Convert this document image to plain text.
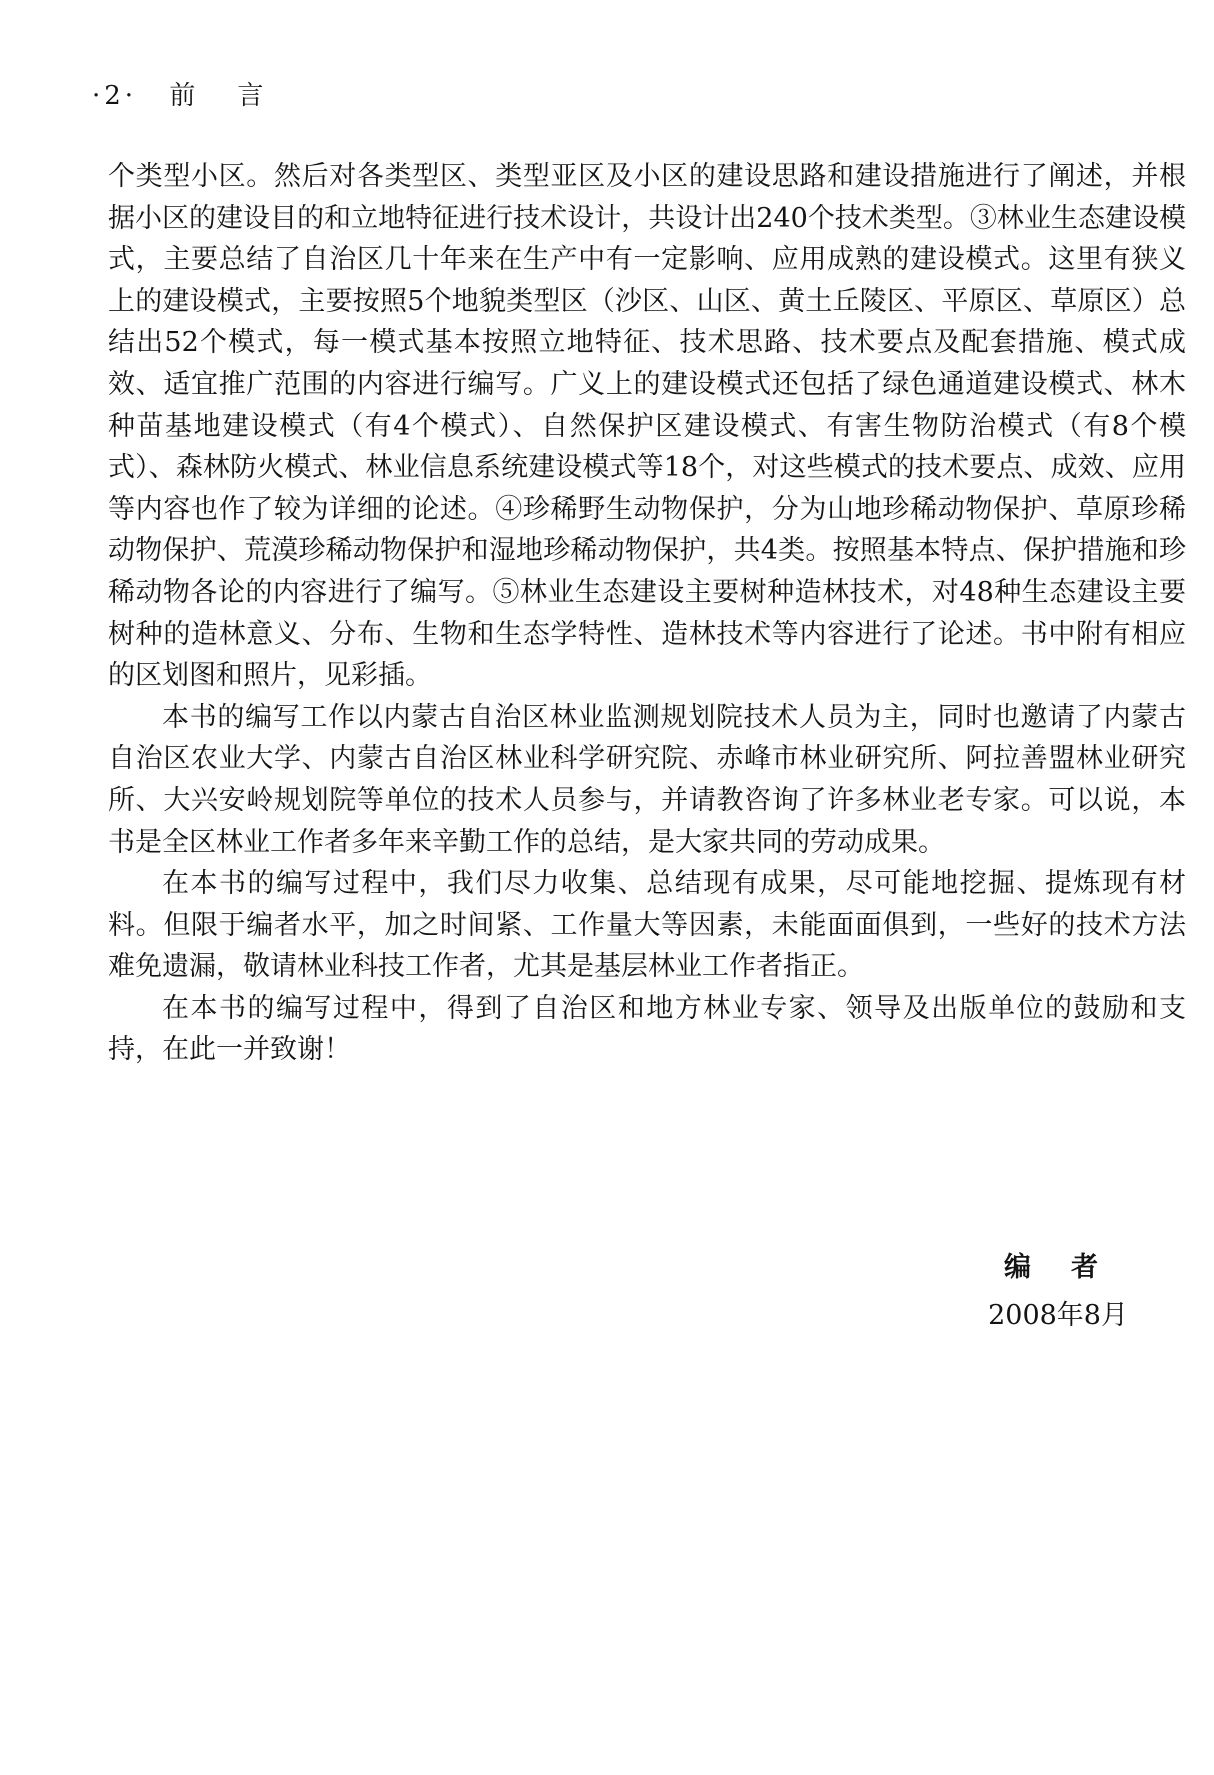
·2· 前言

个类型小区。然后对各类型区、类型亚区及小区的建设思路和建设措施进行了阐述，并根据小区的建设目的和立地特征进行技术设计，共设计出240个技术类型。③林业生态建设模式，主要总结了自治区几十年来在生产中有一定影响、应用成熟的建设模式。这里有狭义上的建设模式，主要按照5个地貌类型区（沙区、山区、黄土丘陵区、平原区、草原区）总结出52个模式，每一模式基本按照立地特征、技术思路、技术要点及配套措施、模式成效、适宜推广范围的内容进行编写。广义上的建设模式还包括了绿色通道建设模式、林木种苗基地建设模式（有4个模式）、自然保护区建设模式、有害生物防治模式（有8个模式）、森林防火模式、林业信息系统建设模式等18个，对这些模式的技术要点、成效、应用等内容也作了较为详细的论述。④珍稀野生动物保护，分为山地珍稀动物保护、草原珍稀动物保护、荒漠珍稀动物保护和湿地珍稀动物保护，共4类。按照基本特点、保护措施和珍稀动物各论的内容进行了编写。⑤林业生态建设主要树种造林技术，对48种生态建设主要树种的造林意义、分布、生物和生态学特性、造林技术等内容进行了论述。书中附有相应的区划图和照片，见彩插。

本书的编写工作以内蒙古自治区林业监测规划院技术人员为主，同时也邀请了内蒙古自治区农业大学、内蒙古自治区林业科学研究院、赤峰市林业研究所、阿拉善盟林业研究所、大兴安岭规划院等单位的技术人员参与，并请教咨询了许多林业老专家。可以说，本书是全区林业工作者多年来辛勤工作的总结，是大家共同的劳动成果。

在本书的编写过程中，我们尽力收集、总结现有成果，尽可能地挖掘、提炼现有材料。但限于编者水平，加之时间紧、工作量大等因素，未能面面俱到，一些好的技术方法难免遗漏，敬请林业科技工作者，尤其是基层林业工作者指正。

在本书的编写过程中，得到了自治区和地方林业专家、领导及出版单位的鼓励和支持，在此一并致谢！

编者
2008年8月
